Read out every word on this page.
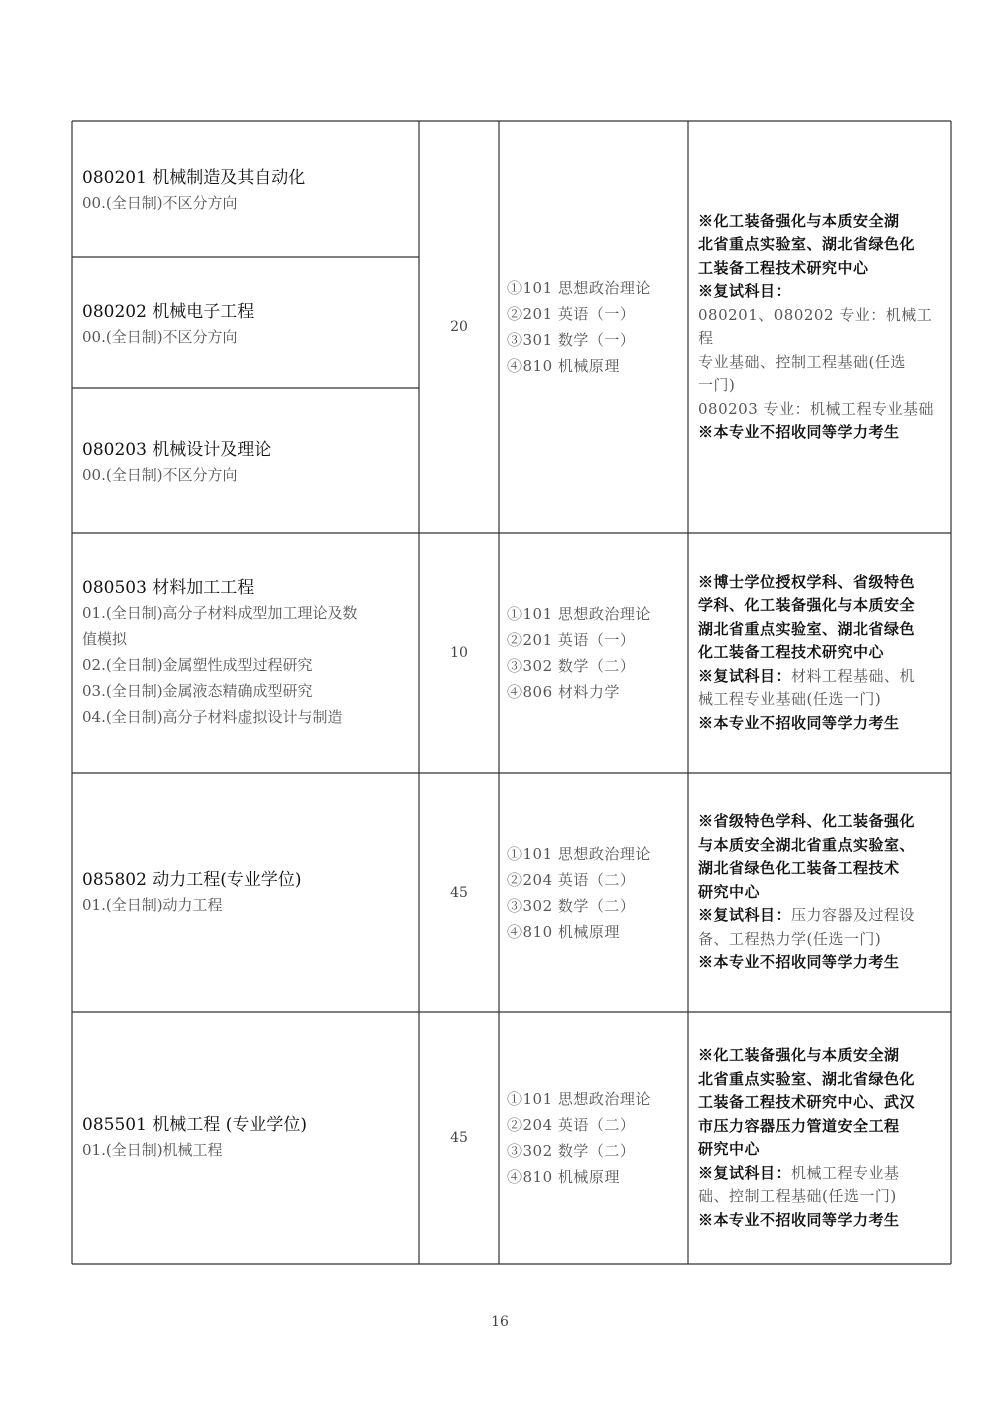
080201 机械制造及其自动化
00.(全日制)不区分方向
080202 机械电子工程
00.(全日制)不区分方向
080203 机械设计及理论
00.(全日制)不区分方向
20
①101 思想政治理论
②201 英语（一）
③301 数学（一）
④810 机械原理
※化工装备强化与本质安全湖
北省重点实验室、湖北省绿色化
工装备工程技术研究中心
※复试科目：
080201、080202 专业：机械工程
专业基础、控制工程基础(任选
一门)
080203 专业：机械工程专业基础
※本专业不招收同等学力考生
080503 材料加工工程
01.(全日制)高分子材料成型加工理论及数
值模拟
02.(全日制)金属塑性成型过程研究
03.(全日制)金属液态精确成型研究
04.(全日制)高分子材料虚拟设计与制造
10
①101 思想政治理论
②201 英语（一）
③302 数学（二）
④806 材料力学
※博士学位授权学科、省级特色
学科、化工装备强化与本质安全
湖北省重点实验室、湖北省绿色
化工装备工程技术研究中心
※复试科目：材料工程基础、机
械工程专业基础(任选一门)
※本专业不招收同等学力考生
085802 动力工程(专业学位)
01.(全日制)动力工程
45
①101 思想政治理论
②204 英语（二）
③302 数学（二）
④810 机械原理
※省级特色学科、化工装备强化
与本质安全湖北省重点实验室、
湖北省绿色化工装备工程技术
研究中心
※复试科目：压力容器及过程设
备、工程热力学(任选一门)
※本专业不招收同等学力考生
085501 机械工程 (专业学位)
01.(全日制)机械工程
45
①101 思想政治理论
②204 英语（二）
③302 数学（二）
④810 机械原理
※化工装备强化与本质安全湖
北省重点实验室、湖北省绿色化
工装备工程技术研究中心、武汉
市压力容器压力管道安全工程
研究中心
※复试科目：机械工程专业基
础、控制工程基础(任选一门)
※本专业不招收同等学力考生
16
